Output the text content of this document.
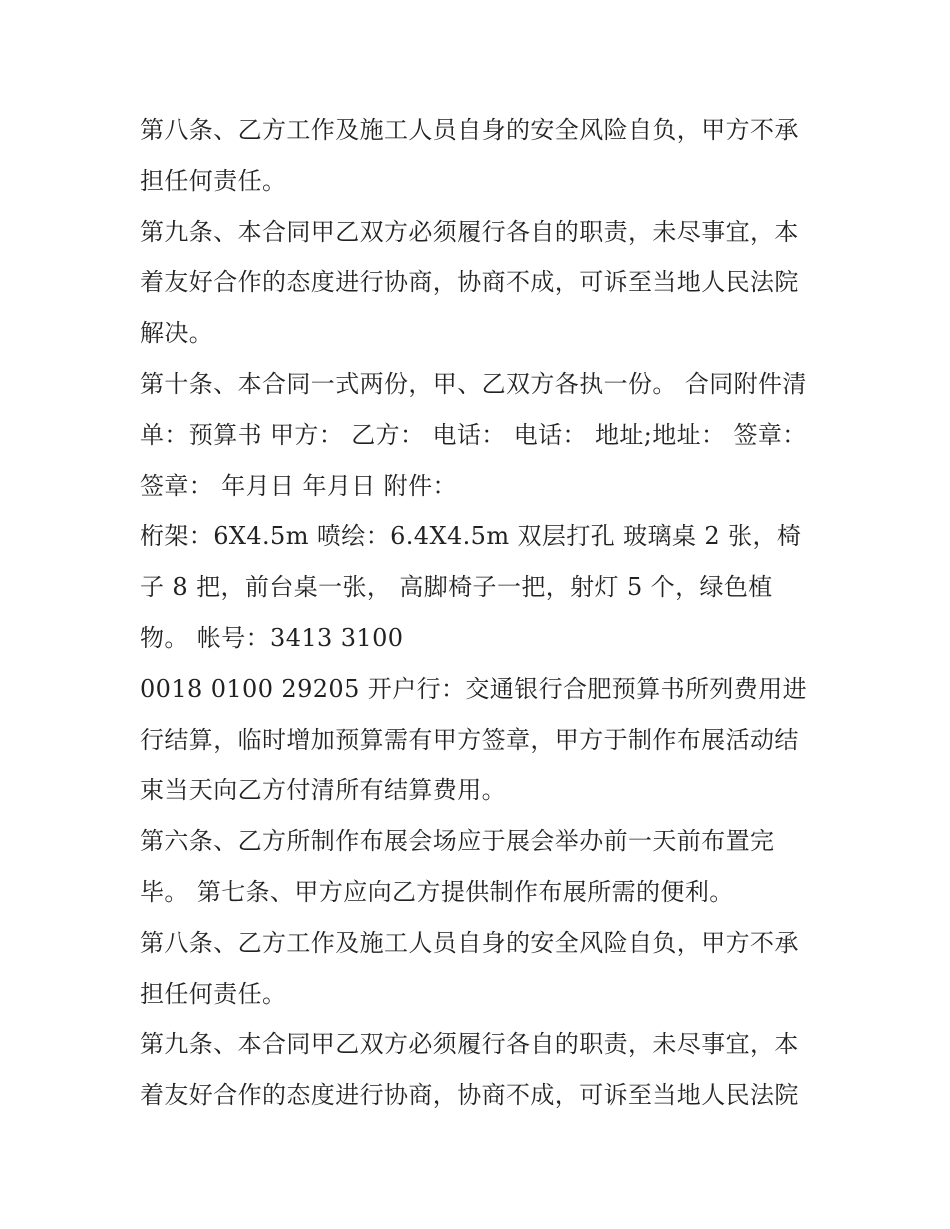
第八条、乙方工作及施工人员自身的安全风险自负，甲方不承担任何责任。

第九条、本合同甲乙双方必须履行各自的职责，未尽事宜，本着友好合作的态度进行协商，协商不成，可诉至当地人民法院解决。

第十条、本合同一式两份，甲、乙双方各执一份。 合同附件清单：预算书 甲方： 乙方： 电话： 电话： 地址;地址： 签章：签章： 年月日 年月日 附件：

桁架：6X4.5m 喷绘：6.4X4.5m 双层打孔 玻璃桌 2 张，椅子 8 把，前台桌一张， 高脚椅子一把，射灯 5 个，绿色植物。 帐号：3413 3100

0018 0100 29205 开户行：交通银行合肥预算书所列费用进行结算，临时增加预算需有甲方签章，甲方于制作布展活动结束当天向乙方付清所有结算费用。

第六条、乙方所制作布展会场应于展会举办前一天前布置完毕。 第七条、甲方应向乙方提供制作布展所需的便利。

第八条、乙方工作及施工人员自身的安全风险自负，甲方不承担任何责任。

第九条、本合同甲乙双方必须履行各自的职责，未尽事宜，本着友好合作的态度进行协商，协商不成，可诉至当地人民法院
